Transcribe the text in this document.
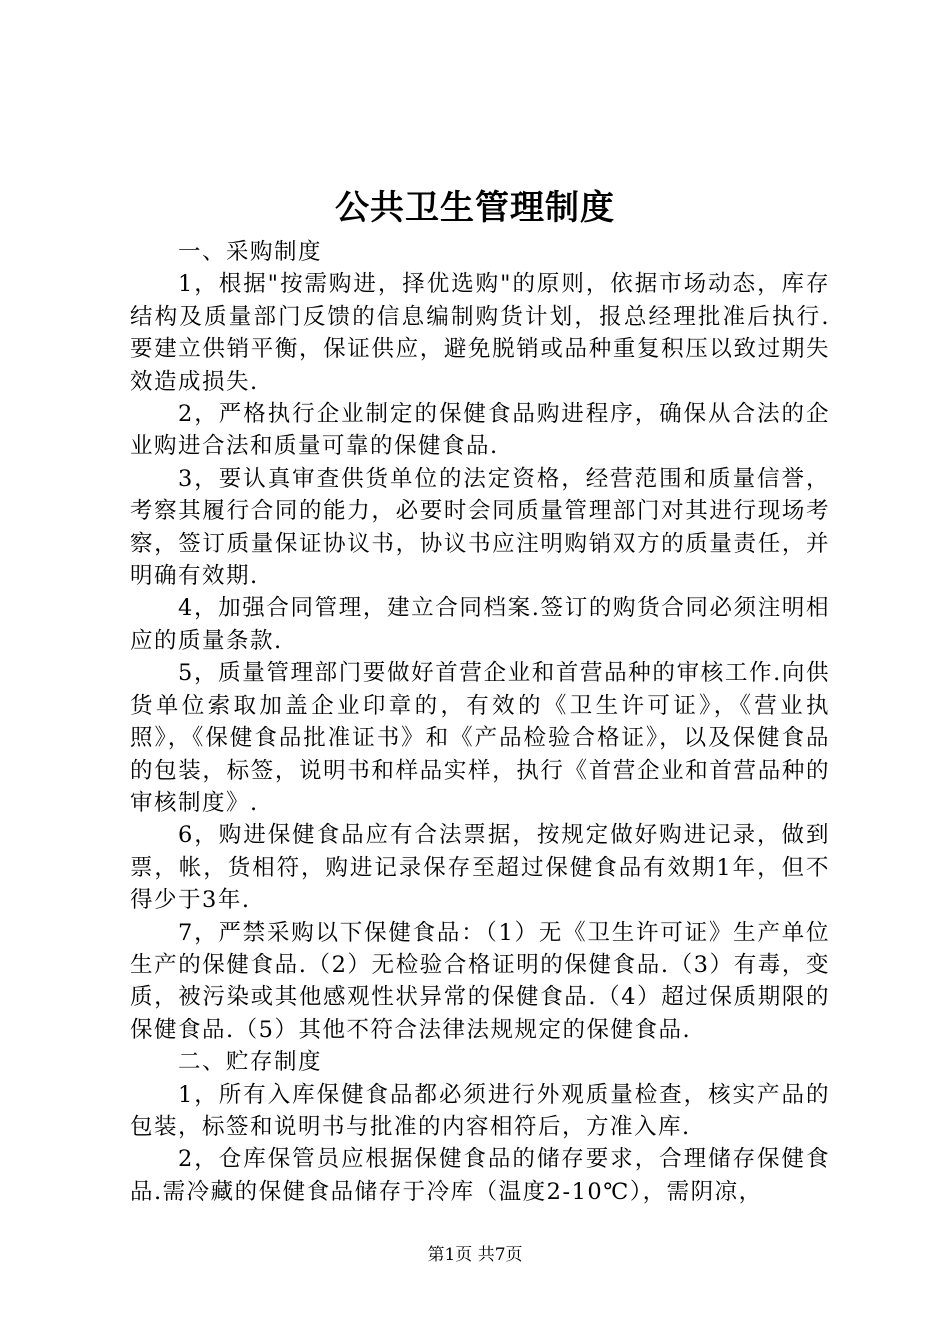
公共卫生管理制度

一、采购制度

1，根据"按需购进，择优选购"的原则，依据市场动态，库存结构及质量部门反馈的信息编制购货计划，报总经理批准后执行.要建立供销平衡，保证供应，避免脱销或品种重复积压以致过期失效造成损失.

2，严格执行企业制定的保健食品购进程序，确保从合法的企业购进合法和质量可靠的保健食品.

3，要认真审查供货单位的法定资格，经营范围和质量信誉，考察其履行合同的能力，必要时会同质量管理部门对其进行现场考察，签订质量保证协议书，协议书应注明购销双方的质量责任，并明确有效期.

4，加强合同管理，建立合同档案.签订的购货合同必须注明相应的质量条款.

5，质量管理部门要做好首营企业和首营品种的审核工作.向供货单位索取加盖企业印章的，有效的《卫生许可证》，《营业执照》，《保健食品批准证书》和《产品检验合格证》，以及保健食品的包装，标签，说明书和样品实样，执行《首营企业和首营品种的审核制度》.

6，购进保健食品应有合法票据，按规定做好购进记录，做到票，帐，货相符，购进记录保存至超过保健食品有效期1年，但不得少于3年.

7，严禁采购以下保健食品：（1）无《卫生许可证》生产单位生产的保健食品.（2）无检验合格证明的保健食品.（3）有毒，变质，被污染或其他感观性状异常的保健食品.（4）超过保质期限的保健食品.（5）其他不符合法律法规规定的保健食品.

二、贮存制度

1，所有入库保健食品都必须进行外观质量检查，核实产品的包装，标签和说明书与批准的内容相符后，方准入库.

2，仓库保管员应根据保健食品的储存要求，合理储存保健食品.需冷藏的保健食品储存于冷库（温度2-10℃），需阴凉，

第1页 共7页
